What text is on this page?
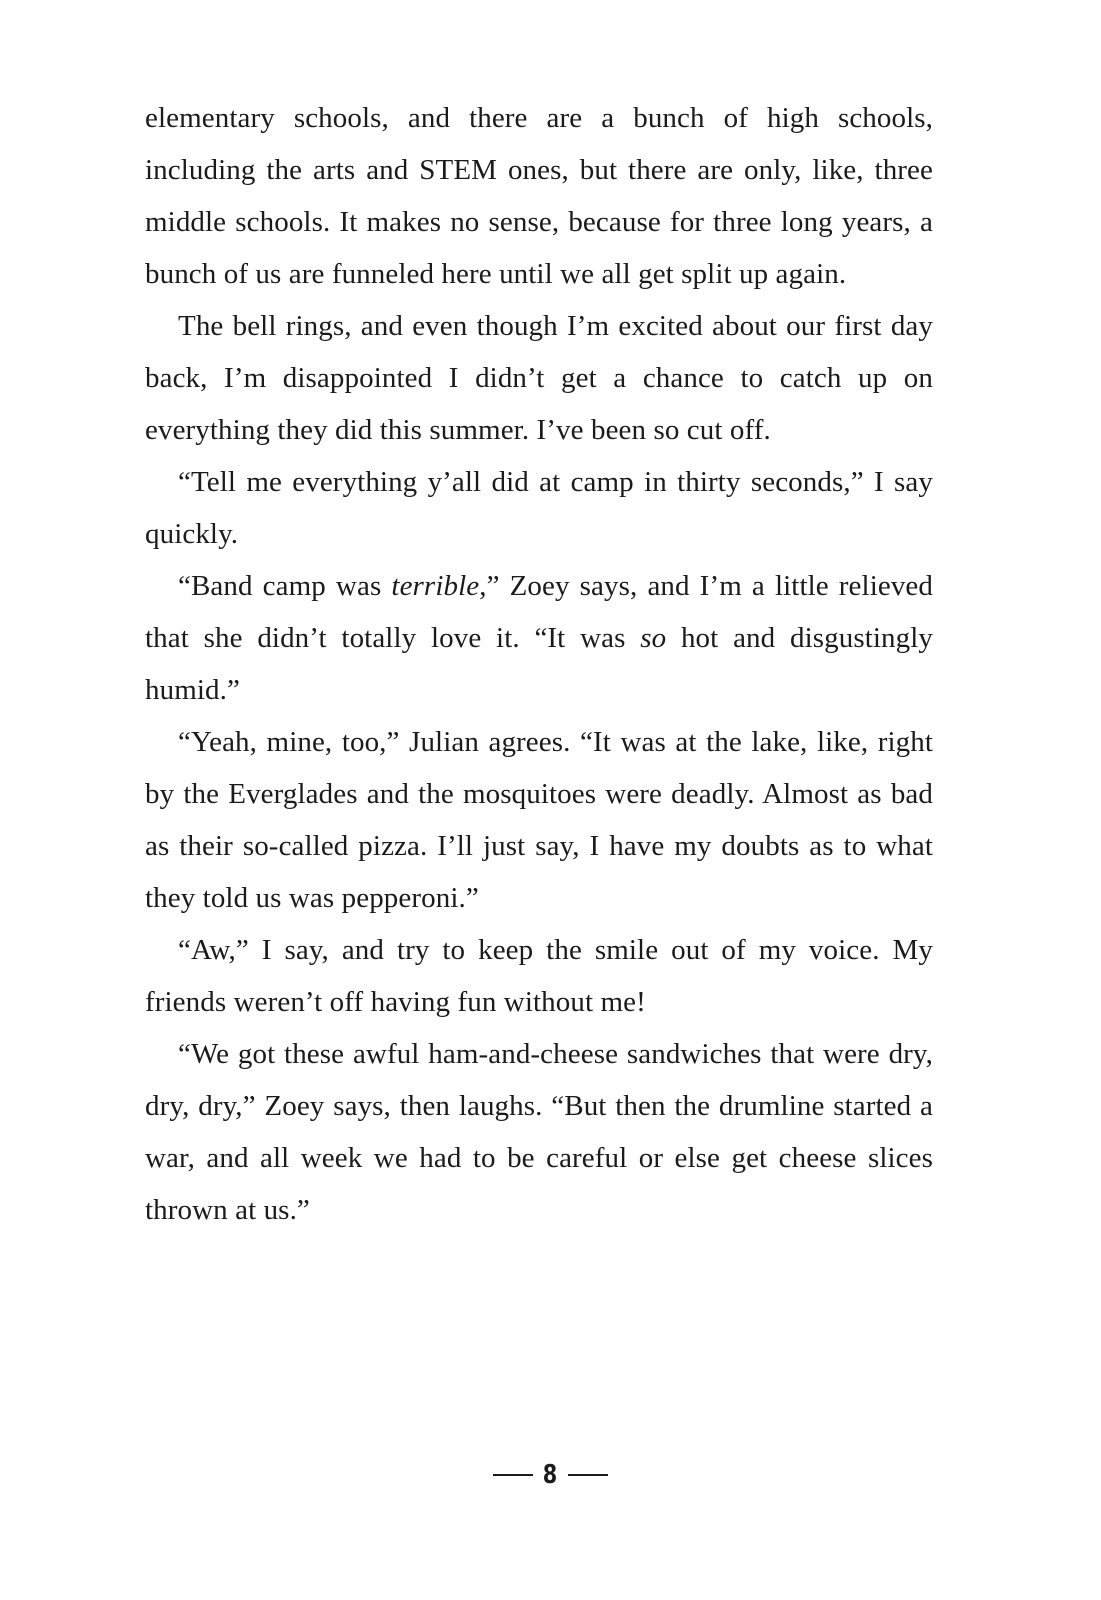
elementary schools, and there are a bunch of high schools, including the arts and STEM ones, but there are only, like, three middle schools. It makes no sense, because for three long years, a bunch of us are funneled here until we all get split up again.

The bell rings, and even though I’m excited about our first day back, I’m disappointed I didn’t get a chance to catch up on everything they did this summer. I’ve been so cut off.

“Tell me everything y’all did at camp in thirty seconds,” I say quickly.

“Band camp was terrible,” Zoey says, and I’m a little relieved that she didn’t totally love it. “It was so hot and disgustingly humid.”

“Yeah, mine, too,” Julian agrees. “It was at the lake, like, right by the Everglades and the mosquitoes were deadly. Almost as bad as their so-called pizza. I’ll just say, I have my doubts as to what they told us was pepperoni.”

“Aw,” I say, and try to keep the smile out of my voice. My friends weren’t off having fun without me!

“We got these awful ham-and-cheese sandwiches that were dry, dry, dry,” Zoey says, then laughs. “But then the drumline started a war, and all week we had to be careful or else get cheese slices thrown at us.”

8
